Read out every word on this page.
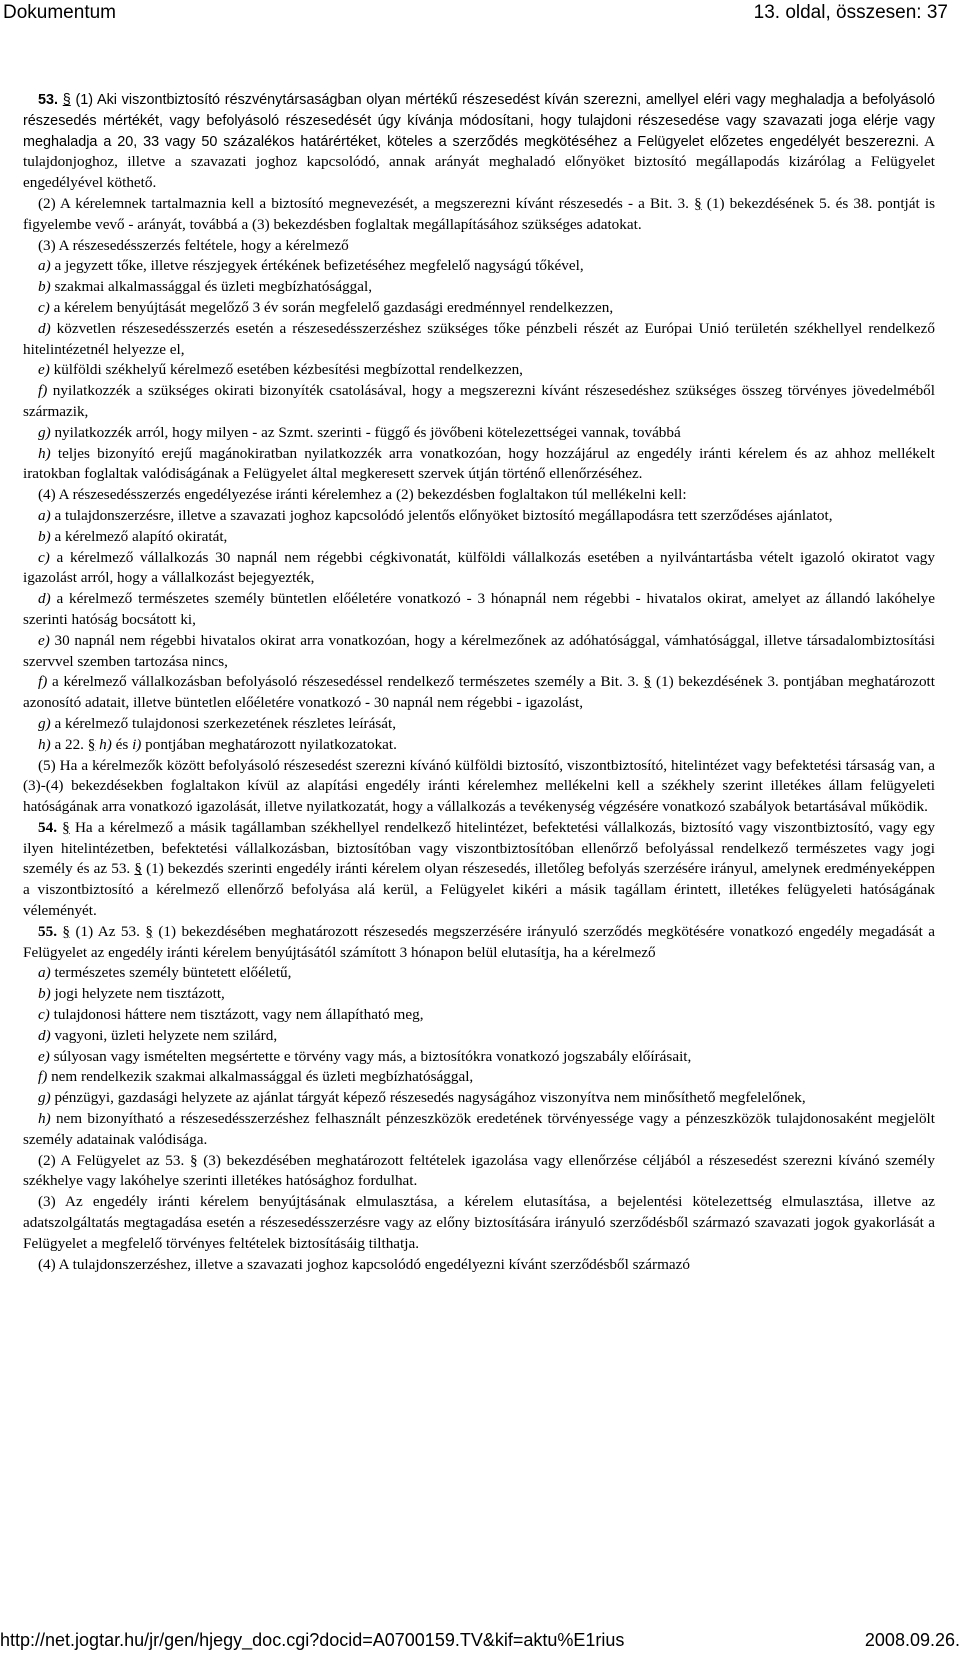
Dokumentum	13. oldal, összesen: 37

53. § (1) Aki viszontbiztosító részvénytársaságban olyan mértékű részesedést kíván szerezni, amellyel eléri vagy meghaladja a befolyásoló részesedés mértékét, vagy befolyásoló részesedését úgy kívánja módosítani, hogy tulajdoni részesedése vagy szavazati joga elérje vagy meghaladja a 20, 33 vagy 50 százalékos határértéket, köteles a szerződés megkötéséhez a Felügyelet előzetes engedélyét beszerezni. A tulajdonjoghoz, illetve a szavazati joghoz kapcsolódó, annak arányát meghaladó előnyöket biztosító megállapodás kizárólag a Felügyelet engedélyével köthető.

(2) A kérelemnek tartalmaznia kell a biztosító megnevezését, a megszerezni kívánt részesedés - a Bit. 3. § (1) bekezdésének 5. és 38. pontját is figyelembe vevő - arányát, továbbá a (3) bekezdésben foglaltak megállapításához szükséges adatokat.

(3) A részesedésszerzés feltétele, hogy a kérelmező

a) a jegyzett tőke, illetve részjegyek értékének befizetéséhez megfelelő nagyságú tőkével,

b) szakmai alkalmassággal és üzleti megbízhatósággal,

c) a kérelem benyújtását megelőző 3 év során megfelelő gazdasági eredménnyel rendelkezzen,

d) közvetlen részesedésszerzés esetén a részesedésszerzéshez szükséges tőke pénzbeli részét az Európai Unió területén székhellyel rendelkező hitelintézetnél helyezze el,

e) külföldi székhelyű kérelmező esetében kézbesítési megbízottal rendelkezzen,

f) nyilatkozzék a szükséges okirati bizonyíték csatolásával, hogy a megszerezni kívánt részesedéshez szükséges összeg törvényes jövedelméből származik,

g) nyilatkozzék arról, hogy milyen - az Szmt. szerinti - függő és jövőbeni kötelezettségei vannak, továbbá

h) teljes bizonyító erejű magánokiratban nyilatkozzék arra vonatkozóan, hogy hozzájárul az engedély iránti kérelem és az ahhoz mellékelt iratokban foglaltak valódiságának a Felügyelet által megkeresett szervek útján történő ellenőrzéséhez.

(4) A részesedésszerzés engedélyezése iránti kérelemhez a (2) bekezdésben foglaltakon túl mellékelni kell:

a) a tulajdonszerzésre, illetve a szavazati joghoz kapcsolódó jelentős előnyöket biztosító megállapodásra tett szerződéses ajánlatot,

b) a kérelmező alapító okiratát,

c) a kérelmező vállalkozás 30 napnál nem régebbi cégkivonatát, külföldi vállalkozás esetében a nyilvántartásba vételt igazoló okiratot vagy igazolást arról, hogy a vállalkozást bejegyezték,

d) a kérelmező természetes személy büntetlen előéletére vonatkozó - 3 hónapnál nem régebbi - hivatalos okirat, amelyet az állandó lakóhelye szerinti hatóság bocsátott ki,

e) 30 napnál nem régebbi hivatalos okirat arra vonatkozóan, hogy a kérelmezőnek az adóhatósággal, vámhatósággal, illetve társadalombiztosítási szervvel szemben tartozása nincs,

f) a kérelmező vállalkozásban befolyásoló részesedéssel rendelkező természetes személy a Bit. 3. § (1) bekezdésének 3. pontjában meghatározott azonosító adatait, illetve büntetlen előéletére vonatkozó - 30 napnál nem régebbi - igazolást,

g) a kérelmező tulajdonosi szerkezetének részletes leírását,

h) a 22. § h) és i) pontjában meghatározott nyilatkozatokat.

(5) Ha a kérelmezők között befolyásoló részesedést szerezni kívánó külföldi biztosító, viszontbiztosító, hitelintézet vagy befektetési társaság van, a (3)-(4) bekezdésekben foglaltakon kívül az alapítási engedély iránti kérelemhez mellékelni kell a székhely szerint illetékes állam felügyeleti hatóságának arra vonatkozó igazolását, illetve nyilatkozatát, hogy a vállalkozás a tevékenység végzésére vonatkozó szabályok betartásával működik.

54. § Ha a kérelmező a másik tagállamban székhellyel rendelkező hitelintézet, befektetési vállalkozás, biztosító vagy viszontbiztosító, vagy egy ilyen hitelintézetben, befektetési vállalkozásban, biztosítóban vagy viszontbiztosítóban ellenőrző befolyással rendelkező természetes vagy jogi személy és az 53. § (1) bekezdés szerinti engedély iránti kérelem olyan részesedés, illetőleg befolyás szerzésére irányul, amelynek eredményeképpen a viszontbiztosító a kérelmező ellenőrző befolyása alá kerül, a Felügyelet kikéri a másik tagállam érintett, illetékes felügyeleti hatóságának véleményét.

55. § (1) Az 53. § (1) bekezdésében meghatározott részesedés megszerzésére irányuló szerződés megkötésére vonatkozó engedély megadását a Felügyelet az engedély iránti kérelem benyújtásától számított 3 hónapon belül elutasítja, ha a kérelmező

a) természetes személy büntetett előéletű,

b) jogi helyzete nem tisztázott,

c) tulajdonosi háttere nem tisztázott, vagy nem állapítható meg,

d) vagyoni, üzleti helyzete nem szilárd,

e) súlyosan vagy ismételten megsértette e törvény vagy más, a biztosítókra vonatkozó jogszabály előírásait,

f) nem rendelkezik szakmai alkalmassággal és üzleti megbízhatósággal,

g) pénzügyi, gazdasági helyzete az ajánlat tárgyát képező részesedés nagyságához viszonyítva nem minősíthető megfelelőnek,

h) nem bizonyítható a részesedésszerzéshez felhasznált pénzeszközök eredetének törvényessége vagy a pénzeszközök tulajdonosaként megjelölt személy adatainak valódisága.

(2) A Felügyelet az 53. § (3) bekezdésében meghatározott feltételek igazolása vagy ellenőrzése céljából a részesedést szerezni kívánó személy székhelye vagy lakóhelye szerinti illetékes hatósághoz fordulhat.

(3) Az engedély iránti kérelem benyújtásának elmulasztása, a kérelem elutasítása, a bejelentési kötelezettség elmulasztása, illetve az adatszolgáltatás megtagadása esetén a részesedésszerzésre vagy az előny biztosítására irányuló szerződésből származó szavazati jogok gyakorlását a Felügyelet a megfelelő törvényes feltételek biztosításáig tilthatja.

(4) A tulajdonszerzéshez, illetve a szavazati joghoz kapcsolódó engedélyezni kívánt szerződésből származó

http://net.jogtar.hu/jr/gen/hjegy_doc.cgi?docid=A0700159.TV&kif=aktu%E1rius	2008.09.26.
